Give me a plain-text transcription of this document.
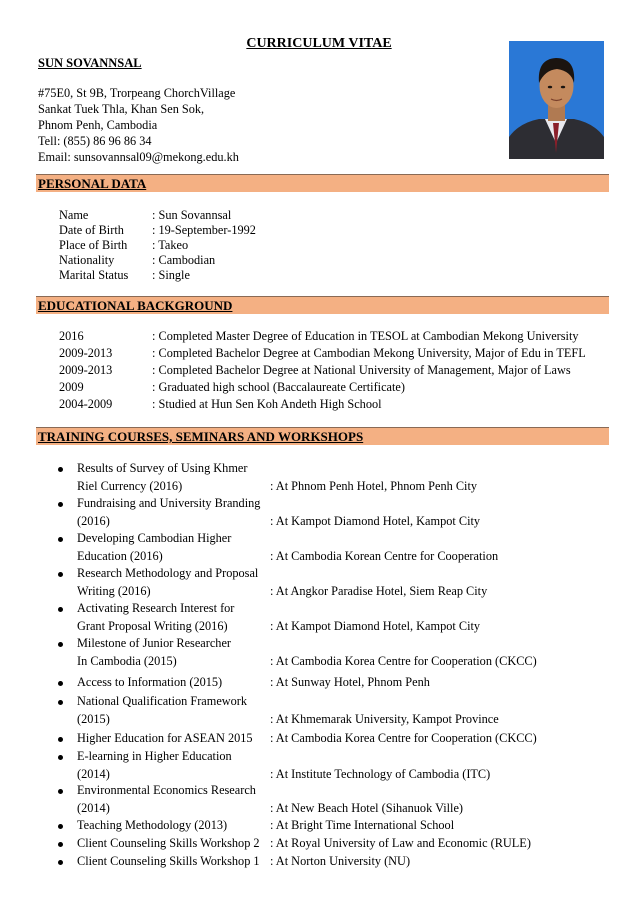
CURRICULUM VITAE
SUN SOVANNSAL
#75E0, St 9B, Trorpeang ChorchVillage
Sankat Tuek Thla, Khan Sen Sok,
Phnom Penh, Cambodia
Tell: (855) 86 96 86 34
Email: sunsovannsal09@mekong.edu.kh
PERSONAL DATA
Name	: Sun Sovannsal
Date of Birth : 19-September-1992
Place of Birth : Takeo
Nationality	: Cambodian
Marital Status : Single
EDUCATIONAL BACKGROUND
2016	: Completed Master Degree of Education in TESOL at Cambodian Mekong University
2009-2013	: Completed Bachelor Degree at Cambodian Mekong University, Major of Edu in TEFL
2009-2013	: Completed Bachelor Degree at National University of Management, Major of Laws
2009	: Graduated high school (Baccalaureate Certificate)
2004-2009	: Studied at Hun Sen Koh Andeth High School
TRAINING COURSES, SEMINARS AND WORKSHOPS
Results of Survey of Using Khmer
Riel Currency (2016)	: At Phnom Penh Hotel, Phnom Penh City
Fundraising and University Branding
(2016)	: At Kampot Diamond Hotel, Kampot City
Developing Cambodian Higher
Education (2016)	: At Cambodia Korean Centre for Cooperation
Research Methodology and Proposal
Writing (2016)	: At Angkor Paradise Hotel, Siem Reap City
Activating Research Interest for
Grant Proposal Writing (2016)	: At Kampot Diamond Hotel, Kampot City
Milestone of Junior Researcher
In Cambodia (2015)	: At Cambodia Korea Centre for Cooperation (CKCC)
Access to Information (2015)	: At Sunway Hotel, Phnom Penh
National Qualification Framework
(2015)	: At Khmemarak University, Kampot Province
Higher Education for ASEAN 2015 : At Cambodia Korea Centre for Cooperation (CKCC)
E-learning in Higher Education
(2014)	: At Institute Technology of Cambodia (ITC)
Environmental Economics Research
(2014)	: At New Beach Hotel (Sihanuok Ville)
Teaching Methodology (2013)	: At Bright Time International School
Client Counseling Skills Workshop 2 : At Royal University of Law and Economic (RULE)
Client Counseling Skills Workshop 1 : At Norton University (NU)
